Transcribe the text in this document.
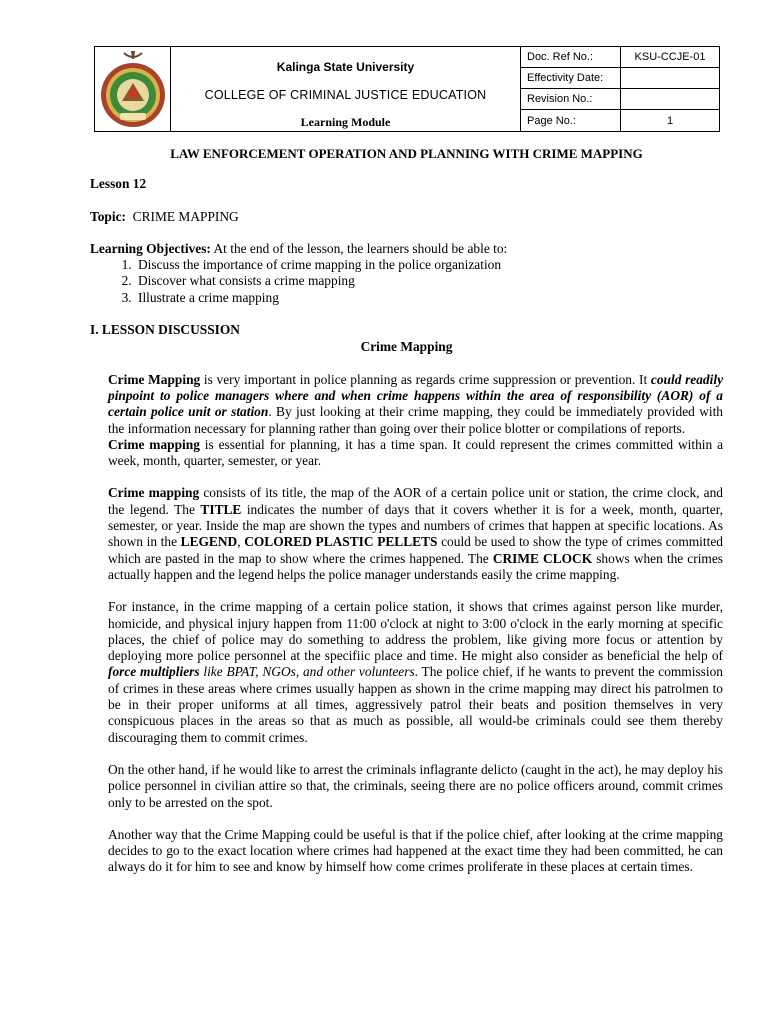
Kalinga State University
COLLEGE OF CRIMINAL JUSTICE EDUCATION
Learning Module
Doc. Ref No.:	KSU-CCJE-01
Effectivity Date:
Revision No.:
Page No.:	1
LAW ENFORCEMENT OPERATION AND PLANNING WITH CRIME MAPPING
Lesson 12
Topic: CRIME MAPPING
Learning Objectives: At the end of the lesson, the learners should be able to:
1. Discuss the importance of crime mapping in the police organization
2. Discover what consists a crime mapping
3. Illustrate a crime mapping
I. LESSON DISCUSSION
Crime Mapping

Crime Mapping is very important in police planning as regards crime suppression or prevention. It could readily pinpoint to police managers where and when crime happens within the area of responsibility (AOR) of a certain police unit or station. By just looking at their crime mapping, they could be immediately provided with the information necessary for planning rather than going over their police blotter or compilations of reports.

Crime mapping is essential for planning, it has a time span. It could represent the crimes committed within a week, month, quarter, semester, or year.

Crime mapping consists of its title, the map of the AOR of a certain police unit or station, the crime clock, and the legend. The TITLE indicates the number of days that it covers whether it is for a week, month, quarter, semester, or year. Inside the map are shown the types and numbers of crimes that happen at specific locations. As shown in the LEGEND, COLORED PLASTIC PELLETS could be used to show the type of crimes committed which are pasted in the map to show where the crimes happened. The CRIME CLOCK shows when the crimes actually happen and the legend helps the police manager understands easily the crime mapping.

For instance, in the crime mapping of a certain police station, it shows that crimes against person like murder, homicide, and physical injury happen from 11:00 o'clock at night to 3:00 o'clock in the early morning at specific places, the chief of police may do something to address the problem, like giving more focus or attention by deploying more police personnel at the specifiic place and time. He might also consider as beneficial the help of force multipliers like BPAT, NGOs, and other volunteers. The police chief, if he wants to prevent the commission of crimes in these areas where crimes usually happen as shown in the crime mapping may direct his patrolmen to be in their proper uniforms at all times, aggressively patrol their beats and position themselves in very conspicuous places in the areas so that as much as possible, all would-be criminals could see them thereby discouraging them to commit crimes.

On the other hand, if he would like to arrest the criminals inflagrante delicto (caught in the act), he may deploy his police personnel in civilian attire so that, the criminals, seeing there are no police officers around, commit crimes only to be arrested on the spot.

Another way that the Crime Mapping could be useful is that if the police chief, after looking at the crime mapping decides to go to the exact location where crimes had happened at the exact time they had been committed, he can always do it for him to see and know by himself how come crimes proliferate in these places at certain times.
